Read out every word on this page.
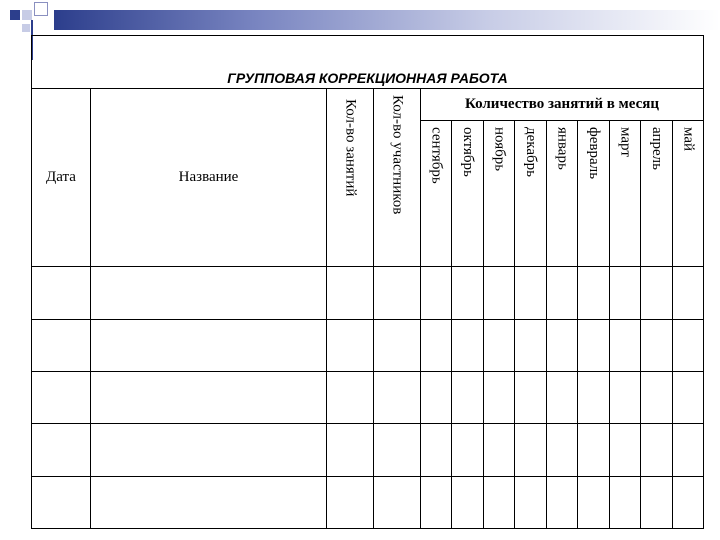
ГРУППОВАЯ КОРРЕКЦИОННАЯ РАБОТА												
Дата	Название	Кол-во занятий	Кол-во участников	Количество занятий в месяц								
				сентябрь	октябрь	ноябрь	декабрь	январь	февраль	март	апрель	май
